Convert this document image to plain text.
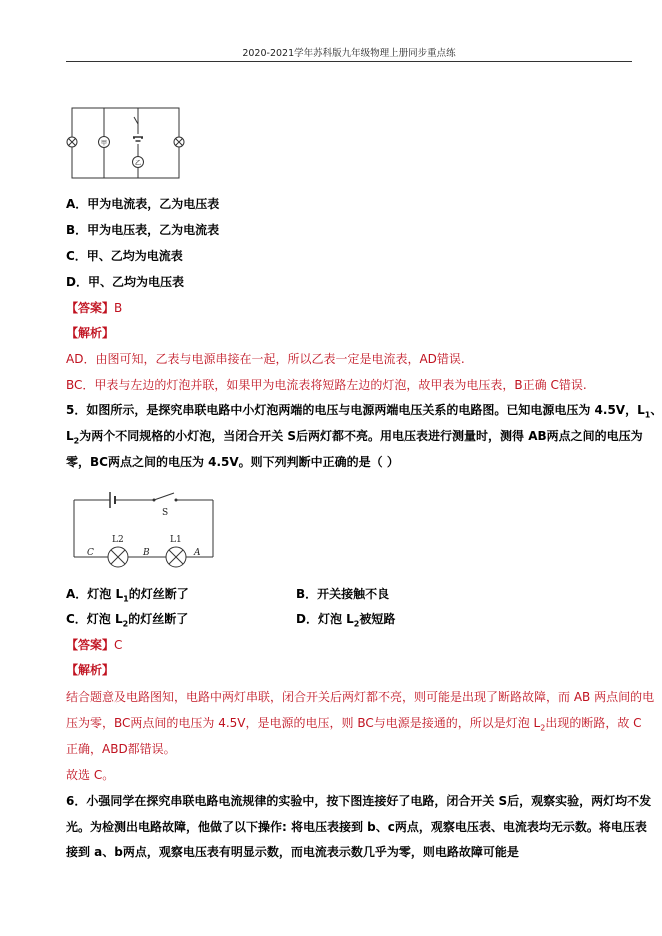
2020-2021学年苏科版九年级物理上册同步重点练
甲
乙
A．甲为电流表，乙为电压表
B．甲为电压表，乙为电流表
C．甲、乙均为电流表
D．甲、乙均为电压表
【答案】B
【解析】
AD．由图可知，乙表与电源串接在一起，所以乙表一定是电流表，AD错误.
BC．甲表与左边的灯泡并联，如果甲为电流表将短路左边的灯泡，故甲表为电压表，B正确 C错误.
5．如图所示，是探究串联电路中小灯泡两端的电压与电源两端电压关系的电路图。已知电源电压为 4.5V，$L_1$、
$L_2$为两个不同规格的小灯泡，当闭合开关 S后两灯都不亮。用电压表进行测量时，测得 AB两点之间的电压为
零，BC两点之间的电压为 4.5V。则下列判断中正确的是（ ）
S
L2	L1
C	B	A
A．灯泡 $L_1$的灯丝断了	B．开关接触不良
C．灯泡 $L_2$的灯丝断了	D．灯泡 $L_2$被短路
【答案】C
【解析】
结合题意及电路图知，电路中两灯串联，闭合开关后两灯都不亮，则可能是出现了断路故障，而 AB 两点间的电
压为零，BC两点间的电压为 4.5V，是电源的电压，则 BC与电源是接通的，所以是灯泡 $L_2$出现的断路，故 C
正确，ABD都错误。
故选 C。
6．小强同学在探究串联电路电流规律的实验中，按下图连接好了电路，闭合开关 S后，观察实验，两灯均不发
光。为检测出电路故障，他做了以下操作: 将电压表接到 b、c两点，观察电压表、电流表均无示数。将电压表
接到 a、b两点，观察电压表有明显示数，而电流表示数几乎为零，则电路故障可能是
